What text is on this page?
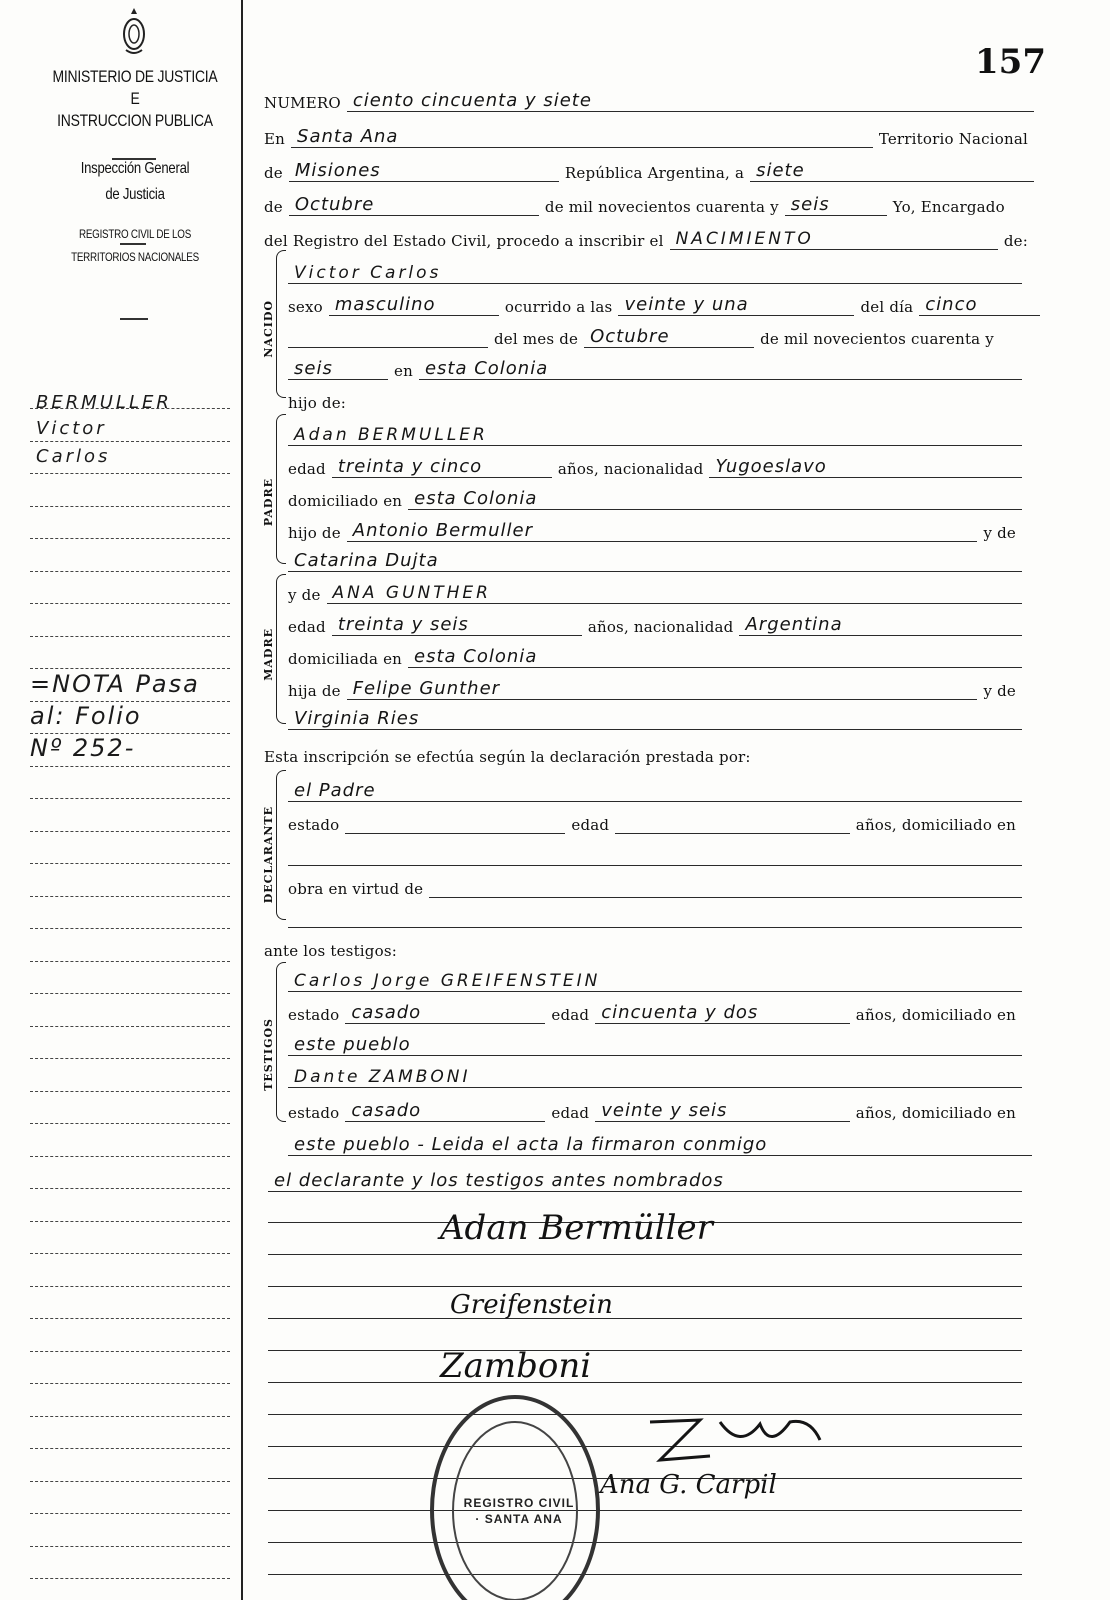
MINISTERIO DE JUSTICIA
E
INSTRUCCION PUBLICA
Inspección General
de Justicia
REGISTRO CIVIL DE LOS
TERRITORIOS NACIONALES
BERMULLER
Victor
Carlos
=NOTA Pasa
al: Folio
Nº 252-
157
NUMERO ciento cincuenta y siete
En Santa Ana	Territorio Nacional
de Misiones	República Argentina, a siete
de Octubre	de mil novecientos cuarenta y seis	Yo, Encargado
del Registro del Estado Civil, procedo a inscribir el NACIMIENTO	de:
NACIDO
Victor Carlos
sexo masculino	ocurrido a las veinte y una	del día cinco
del mes de Octubre	de mil novecientos cuarenta y
seis	en esta Colonia
hijo de:
PADRE
Adan BERMULLER
edad treinta y cinco	años, nacionalidad Yugoeslavo
domiciliado en esta Colonia
hijo de Antonio Bermuller	y de
Catarina Dujta
MADRE
y de ANA GUNTHER
edad treinta y seis	años, nacionalidad Argentina
domiciliada en esta Colonia
hija de Felipe Gunther	y de
Virginia Ries
Esta inscripción se efectúa según la declaración prestada por:
DECLARANTE
el Padre
estado	edad	años, domiciliado en
obra en virtud de
ante los testigos:
TESTIGOS
Carlos Jorge GREIFENSTEIN
estado casado	edad cincuenta y dos	años, domiciliado en
este pueblo
Dante ZAMBONI
estado casado	edad veinte y seis	años, domiciliado en
este pueblo - Leida el acta la firmaron conmigo
el declarante y los testigos antes nombrados
Adan Bermüller
Greifenstein
Zamboni
Ana G. Carpil
REGISTRO CIVIL · SANTA ANA
